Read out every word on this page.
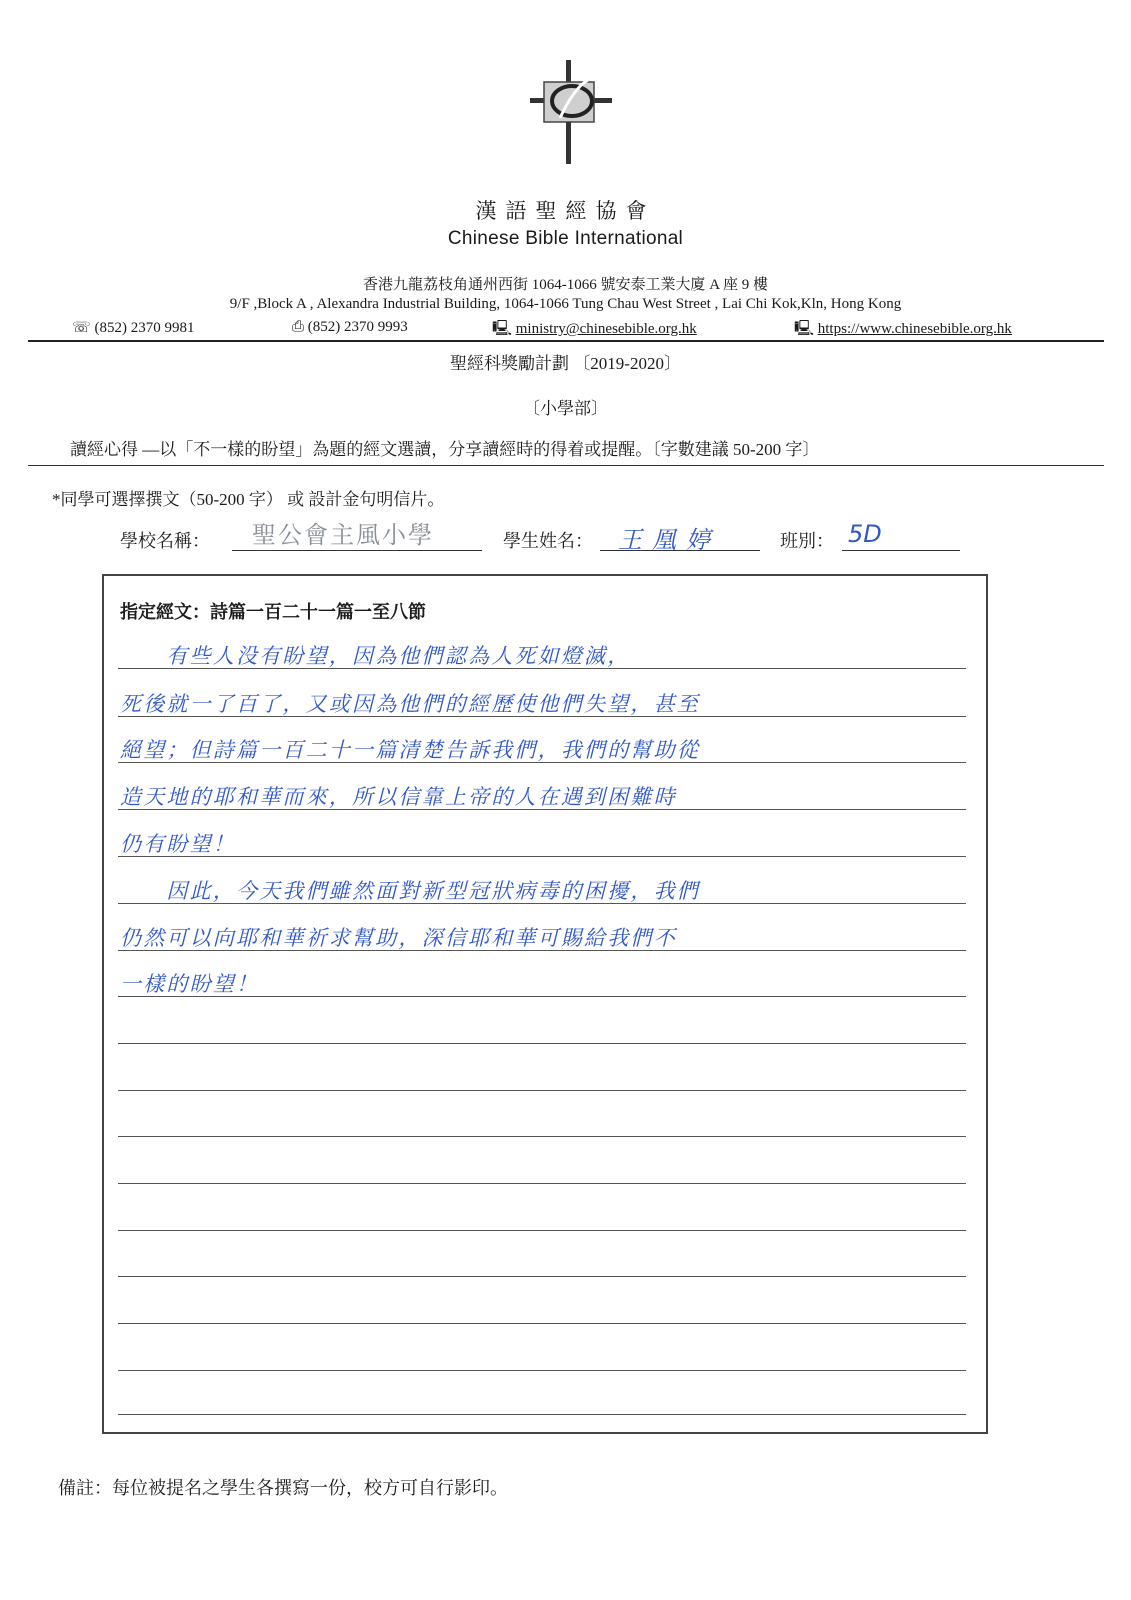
漢語聖經協會
Chinese Bible International
香港九龍荔枝角通州西街 1064-1066 號安泰工業大廈 A 座 9 樓
9/F ,Block A , Alexandra Industrial Building, 1064-1066 Tung Chau West Street , Lai Chi Kok,Kln, Hong Kong
☏ (852) 2370 9981	⎙ (852) 2370 9993	🖳 ministry@chinesebible.org.hk	🖳 https://www.chinesebible.org.hk
聖經科獎勵計劃 〔2019-2020〕
〔小學部〕
讀經心得 —以「不一樣的盼望」為題的經文選讀，分享讀經時的得着或提醒。〔字數建議 50-200 字〕
*同學可選擇撰文（50-200 字） 或 設計金句明信片。
學校名稱： 聖公會主風小學	學生姓名： 王凰婷	班別： 5D
指定經文：詩篇一百二十一篇一至八節
　　有些人没有盼望，因為他們認為人死如燈滅，
死後就一了百了，又或因為他們的經歷使他們失望，甚至
絕望；但詩篇一百二十一篇清楚告訴我們，我們的幫助從
造天地的耶和華而來，所以信靠上帝的人在遇到困難時
仍有盼望！
　　因此，今天我們雖然面對新型冠狀病毒的困擾，我們
仍然可以向耶和華祈求幫助，深信耶和華可賜給我們不
一樣的盼望！
備註：每位被提名之學生各撰寫一份，校方可自行影印。
